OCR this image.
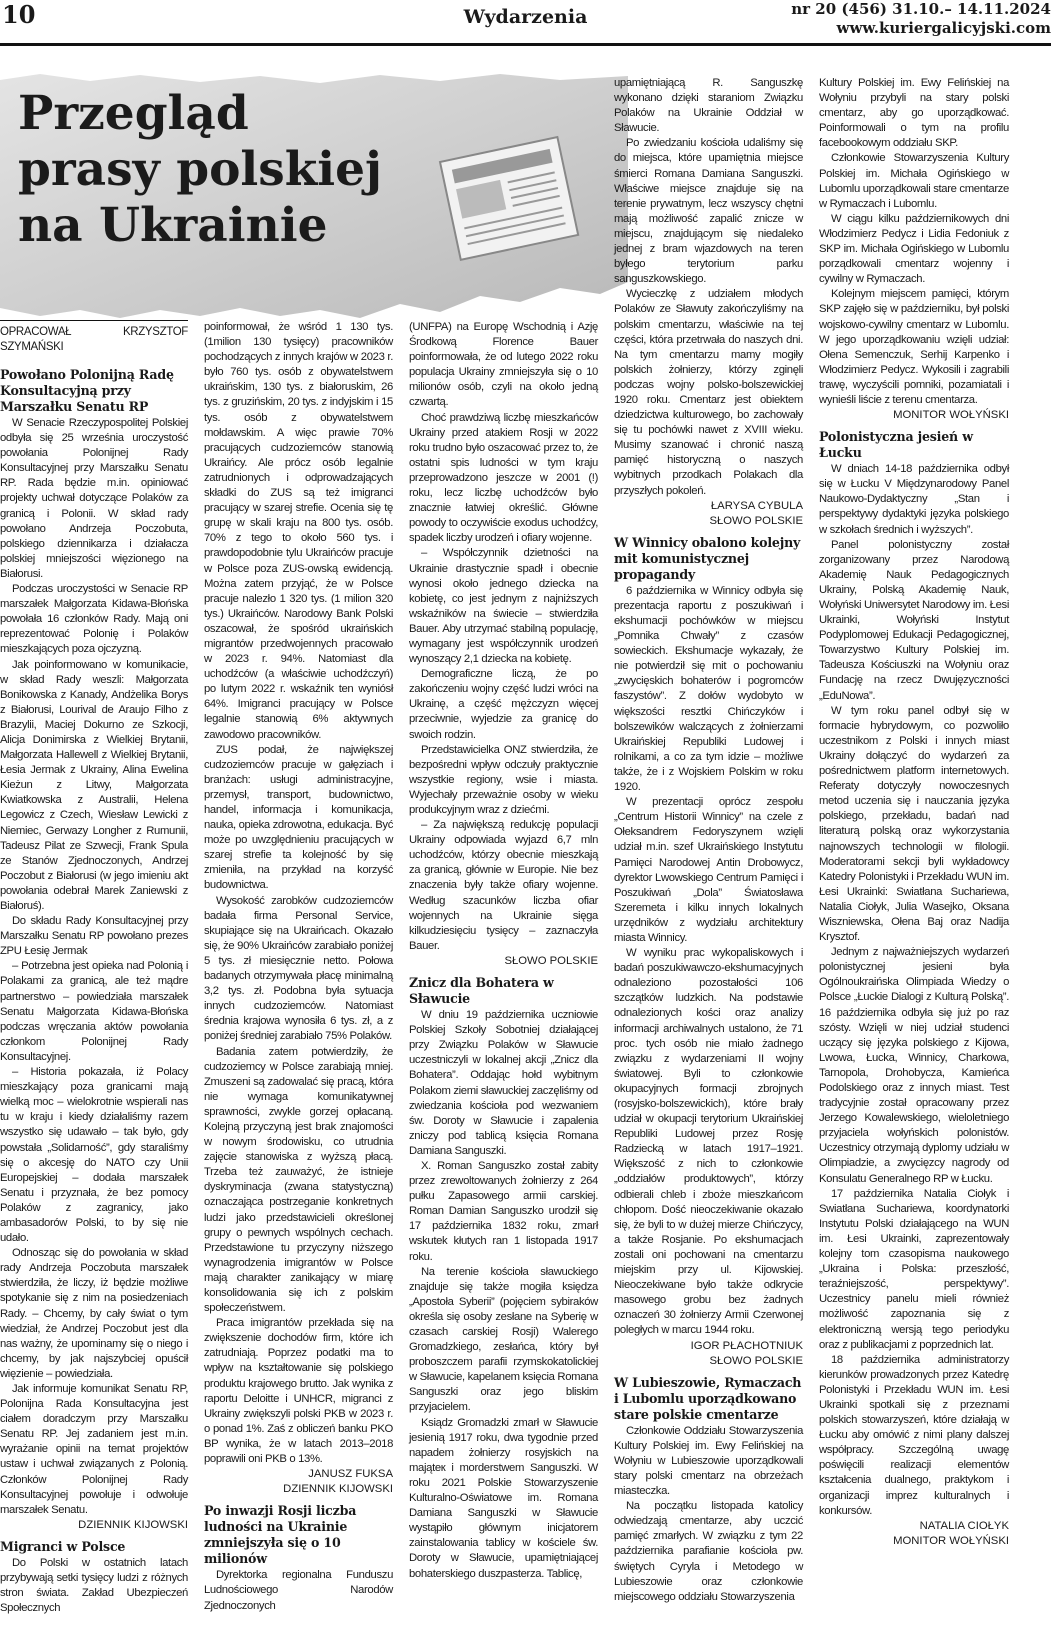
10	Wydarzenia	nr 20 (456) 31.10.– 14.11.2024
www.kuriergalicyjski.com
Przegląd prasy polskiej na Ukrainie
OPRACOWAŁ KRZYSZTOF SZYMAŃSKI
Powołano Polonijną Radę Konsultacyjną przy Marszałku Senatu RP

W Senacie Rzeczypospolitej Polskiej odbyła się 25 września uroczystość powołania Polonijnej Rady Konsultacyjnej przy Marszałku Senatu RP. Rada będzie m.in. opiniować projekty uchwał dotyczące Polaków za granicą i Polonii. W skład rady powołano Andrzeja Poczobuta, polskiego dziennikarza i działacza polskiej mniejszości więzionego na Białorusi.

Podczas uroczystości w Senacie RP marszałek Małgorzata Kidawa-Błońska powołała 16 członków Rady. Mają oni reprezentować Polonię i Polaków mieszkających poza ojczyzną.

Jak poinformowano w komunikacie, w skład Rady weszli: Małgorzata Bonikowska z Kanady, Andżelika Borys z Białorusi, Lourival de Araujo Filho z Brazylii, Maciej Dokurno ze Szkocji, Alicja Donimirska z Wielkiej Brytanii, Małgorzata Hallewell z Wielkiej Brytanii, Łesia Jermak z Ukrainy, Alina Ewelina Kieżun z Litwy, Małgorzata Kwiatkowska z Australii, Helena Legowicz z Czech, Wiesław Lewicki z Niemiec, Gerwazy Longher z Rumunii, Tadeusz Pilat ze Szwecji, Frank Spula ze Stanów Zjednoczonych, Andrzej Poczobut z Białorusi (w jego imieniu akt powołania odebrał Marek Zaniewski z Białoruś).

Do składu Rady Konsultacyjnej przy Marszałku Senatu RP powołano prezes ZPU Łesię Jermak

– Potrzebna jest opieka nad Polonią i Polakami za granicą, ale też mądre partnerstwo – powiedziała marszałek Senatu Małgorzata Kidawa-Błońska podczas wręczania aktów powołania członkom Polonijnej Rady Konsultacyjnej.

– Historia pokazała, iż Polacy mieszkający poza granicami mają wielką moc – wielokrotnie wspierali nas tu w kraju i kiedy działaliśmy razem wszystko się udawało – tak było, gdy powstała „Solidarność”, gdy staraliśmy się o akcesję do NATO czy Unii Europejskiej – dodała marszałek Senatu i przyznała, że bez pomocy Polaków z zagranicy, jako ambasadorów Polski, to by się nie udało.

Odnosząc się do powołania w skład rady Andrzeja Poczobuta marszałek stwierdziła, że liczy, iż będzie możliwe spotykanie się z nim na posiedzeniach Rady. – Chcemy, by cały świat o tym wiedział, że Andrzej Poczobut jest dla nas ważny, że upominamy się o niego i chcemy, by jak najszybciej opuścił więzienie – powiedziała.

Jak informuje komunikat Senatu RP, Polonijna Rada Konsultacyjna jest ciałem doradczym przy Marszałku Senatu RP. Jej zadaniem jest m.in. wyrażanie opinii na temat projektów ustaw i uchwał związanych z Polonią. Członków Polonijnej Rady Konsultacyjnej powołuje i odwołuje marszałek Senatu.

DZIENNIK KIJOWSKI

Migranci w Polsce

Do Polski w ostatnich latach przybywają setki tysięcy ludzi z różnych stron świata. Zakład Ubezpieczeń Społecznych

poinformował, że wśród 1 130 tys. (1milion 130 tysięcy) pracowników pochodzących z innych krajów w 2023 r. było 760 tys. osób z obywatelstwem ukraińskim, 130 tys. z białoruskim, 26 tys. z gruzińskim, 20 tys. z indyjskim i 15 tys. osób z obywatelstwem mołdawskim. A więc prawie 70% pracujących cudzoziemców stanowią Ukraińcy. Ale prócz osób legalnie zatrudnionych i odprowadzających składki do ZUS są też imigranci pracujący w szarej strefie. Ocenia się tę grupę w skali kraju na 800 tys. osób. 70% z tego to około 560 tys. i prawdopodobnie tylu Ukraińców pracuje w Polsce poza ZUS-owską ewidencją. Można zatem przyjąć, że w Polsce pracuje nalezło 1 320 tys. (1 milion 320 tys.) Ukraińców. Narodowy Bank Polski oszacował, że spośród ukraińskich migrantów przedwojennych pracowało w 2023 r. 94%. Natomiast dla uchodźców (a właściwie uchodźczyń) po lutym 2022 r. wskaźnik ten wyniósł 64%. Imigranci pracujący w Polsce legalnie stanowią 6% aktywnych zawodowo pracowników.

ZUS podał, że największej cudzoziemców pracuje w gałęziach i branżach: usługi administracyjne, przemysł, transport, budownictwo, handel, informacja i komunikacja, nauka, opieka zdrowotna, edukacja. Być może po uwzględnieniu pracujących w szarej strefie ta kolejność by się zmieniła, na przykład na korzyść budownictwa.

Wysokość zarobków cudzoziemców badała firma Personal Service, skupiające się na Ukraińcach. Okazało się, że 90% Ukraińców zarabiało poniżej 5 tys. zł miesięcznie netto. Połowa badanych otrzymywała płacę minimalną 3,2 tys. zł. Podobna była sytuacja innych cudzoziemców. Natomiast średnia krajowa wynosiła 6 tys. zł, a z poniżej średniej zarabiało 75% Polaków.

Badania zatem potwierdziły, że cudzoziemcy w Polsce zarabiają mniej. Zmuszeni są zadowalać się pracą, która nie wymaga komunikatywnej sprawności, zwykle gorzej opłacaną. Kolejną przyczyną jest brak znajomości w nowym środowisku, co utrudnia zajęcie stanowiska z wyższą płacą. Trzeba też zauważyć, że istnieje dyskryminacja (zwana statystyczną) oznaczająca postrzeganie konkretnych ludzi jako przedstawicieli określonej grupy o pewnych wspólnych cechach. Przedstawione tu przyczyny niższego wynagrodzenia imigrantów w Polsce mają charakter zanikający w miarę konsolidowania się ich z polskim społeczeństwem.

Praca imigrantów przekłada się na zwiększenie dochodów firm, które ich zatrudniają. Poprzez podatki ma to wpływ na kształtowanie się polskiego produktu krajowego brutto. Jak wynika z raportu Deloitte i UNHCR, migranci z Ukrainy zwiększyli polski PKB w 2023 r. o ponad 1%. Zaś z obliczeń banku PKO BP wynika, że w latach 2013–2018 poprawili oni PKB o 13%.

JANUSZ FUKSA

DZIENNIK KIJOWSKI

Po inwazji Rosji liczba ludności na Ukrainie zmniejszyła się o 10 milionów

Dyrektorka regionalna Funduszu Ludnościowego Narodów Zjednoczonych

(UNFPA) na Europę Wschodnią i Azję Środkową Florence Bauer poinformowała, że od lutego 2022 roku populacja Ukrainy zmniejszyła się o 10 milionów osób, czyli na około jedną czwartą.

Choć prawdziwą liczbę mieszkańców Ukrainy przed atakiem Rosji w 2022 roku trudno było oszacować przez to, że ostatni spis ludności w tym kraju przeprowadzono jeszcze w 2001 (!) roku, lecz liczbę uchodźców było znacznie łatwiej określić. Główne powody to oczywiście exodus uchodźcy, spadek liczby urodzeń i ofiary wojenne.

– Współczynnik dzietności na Ukrainie drastycznie spadł i obecnie wynosi około jednego dziecka na kobietę, co jest jednym z najniższych wskaźników na świecie – stwierdziła Bauer. Aby utrzymać stabilną populację, wymagany jest współczynnik urodzeń wynoszący 2,1 dziecka na kobietę.

Demograficzne liczą, że po zakończeniu wojny część ludzi wróci na Ukrainę, a część mężczyzn więcej przeciwnie, wyjedzie za granicę do swoich rodzin.

Przedstawicielka ONZ stwierdziła, że bezpośredni wpływ odczuły praktycznie wszystkie regiony, wsie i miasta. Wyjechały przeważnie osoby w wieku produkcyjnym wraz z dziećmi.

– Za największą redukcję populacji Ukrainy odpowiada wyjazd 6,7 mln uchodźców, którzy obecnie mieszkają za granicą, głównie w Europie. Nie bez znaczenia były także ofiary wojenne. Według szacunków liczba ofiar wojennych na Ukrainie sięga kilkudziesięciu tysięcy – zaznaczyła Bauer.

SŁOWO POLSKIE

Znicz dla Bohatera w Sławucie

W dniu 19 października uczniowie Polskiej Szkoły Sobotniej działającej przy Związku Polaków w Sławucie uczestniczyli w lokalnej akcji „Znicz dla Bohatera”. Oddając hołd wybitnym Polakom ziemi sławuckiej zaczęliśmy od zwiedzania kościoła pod wezwaniem św. Doroty w Sławucie i zapalenia zniczy pod tablicą księcia Romana Damiana Sanguszki.

X. Roman Sanguszko został zabity przez zrewoltowanych żołnierzy z 264 pułku Zapasowego armii carskiej. Roman Damian Sanguszko urodził się 17 października 1832 roku, zmarł wskutek kłutych ran 1 listopada 1917 roku.

Na terenie kościoła sławuckiego znajduje się także mogiła księdza „Apostoła Syberii” (pojęciem sybiraków określa się osoby zesłane na Syberię w czasach carskiej Rosji) Walerego Gromadzkiego, zesłańca, który był proboszczem parafii rzymskokatolickiej w Sławucie, kapelanem księcia Romana Sanguszki oraz jego bliskim przyjacielem.

Ksiądz Gromadzki zmarł w Sławucie jesienią 1917 roku, dwa tygodnie przed napadem żołnierzy rosyjskich na mająteк i morderstwem Sanguszki. W roku 2021 Polskie Stowarzyszenie Kulturalno-Oświatowe im. Romana Damiana Sanguszki w Sławucie wystąpiło głównym inicjatorem zainstalowania tablicy w kościele św. Doroty w Sławucie, upamiętniającej bohaterskiego duszpasterza. Tablicę,

upamiętniającą R. Sanguszkę wykonano dzięki staraniom Związku Polaków na Ukrainie Oddział w Sławucie.

Po zwiedzaniu kościoła udaliśmy się do miejsca, które upamiętnia miejsce śmierci Romana Damiana Sanguszki. Właściwe miejsce znajduje się na terenie prywatnym, lecz wszyscy chętni mają możliwość zapalić znicze w miejscu, znajdującym się niedaleko jednej z bram wjazdowych na teren byłego terytorium parku sanguszkowskiego.

Wycieczkę z udziałem młodych Polaków ze Sławuty zakończyliśmy na polskim cmentarzu, właściwie na tej części, która przetrwała do naszych dni. Na tym cmentarzu mamy mogiły polskich żołnierzy, którzy zginęli podczas wojny polsko-bolszewickiej 1920 roku. Cmentarz jest obiektem dziedzictwa kulturowego, bo zachowały się tu pochówki nawet z XVIII wieku. Musimy szanować i chronić naszą pamięć historyczną o naszych wybitnych przodkach Polakach dla przyszłych pokoleń.

ŁARYSA CYBULA

SŁOWO POLSKIE

W Winnicy obalono kolejny mit komunistycznej propagandy

6 października w Winnicy odbyła się prezentacja raportu z poszukiwań i ekshumacji pochówków w miejscu „Pomnika Chwały” z czasów sowieckich. Ekshumacje wykazały, że nie potwierdził się mit o pochowaniu „zwycięskich bohaterów i pogromców faszystów”. Z dołów wydobyto w większości resztki Chińczyków i bolszewików walczących z żołnierzami Ukraińskiej Republiki Ludowej i rolnikami, a co za tym idzie – możliwe także, że i z Wojskiem Polskim w roku 1920.

W prezentacji oprócz zespołu „Centrum Historii Winnicy” na czele z Ołeksandrem Fedoryszynem wzięli udział m.in. szef Ukraińskiego Instytutu Pamięci Narodowej Antin Drobowycz, dyrektor Lwowskiego Centrum Pamięci i Poszukiwań „Dola” Światosława Szeremeta i kilku innych lokalnych urzędników z wydziału architektury miasta Winnicy.

W wyniku prac wykopaliskowych i badań poszukiwawczo-ekshumacyjnych odnaleziono pozostałości 106 szczątków ludzkich. Na podstawie odnalezionych kości oraz analizy informacji archiwalnych ustalono, że 71 proc. tych osób nie miało żadnego związku z wydarzeniami II wojny światowej. Byli to członkowie okupacyjnych formacji zbrojnych (rosyjsko-bolszewickich), które brały udział w okupacji terytorium Ukraińskiej Republiki Ludowej przez Rosję Radziecką w latach 1917–1921. Większość z nich to członkowie „oddziałów produktowych”, którzy odbierali chleb i zboże mieszkańcom chłopom. Dość nieoczekiwanie okazało się, że byli to w dużej mierze Chińczycy, a także Rosjanie. Po ekshumacjach zostali oni pochowani na cmentarzu miejskim przy ul. Kijowskiej. Nieoczekiwane było także odkrycie masowego grobu bez żadnych oznaczeń 30 żołnierzy Armii Czerwonej poległych w marcu 1944 roku.

IGOR PŁACHOTNIUK

SŁOWO POLSKIE

W Lubieszowie, Rymaczach i Lubomlu uporządkowano stare polskie cmentarze

Członkowie Oddziału Stowarzyszenia Kultury Polskiej im. Ewy Felińskiej na Wołyniu w Lubieszowie uporządkowali stary polski cmentarz na obrzeżach miasteczka.

Na początku listopada katolicy odwiedzają cmentarze, aby uczcić pamięć zmarłych. W związku z tym 22 października parafianie kościoła pw. świętych Cyryla i Metodego w Lubieszowie oraz członkowie miejscowego oddziału Stowarzyszenia

Kultury Polskiej im. Ewy Felińskiej na Wołyniu przybyli na stary polski cmentarz, aby go uporządkować. Poinformowali o tym na profilu facebookowym oddziału SKP.

Członkowie Stowarzyszenia Kultury Polskiej im. Michała Ogińskiego w Lubomlu uporządkowali stare cmentarze w Rymaczach i Lubomlu.

W ciągu kilku październikowych dni Włodzimierz Pedycz i Lidia Fedoniuk z SKP im. Michała Ogińskiego w Lubomlu porządkowali cmentarz wojenny i cywilny w Rymaczach.

Kolejnym miejscem pamięci, którym SKP zajęło się w październiku, był polski wojskowo-cywilny cmentarz w Lubomlu. W jego uporządkowaniu wzięli udział: Ołena Semenczuk, Serhij Karpenko i Włodzimierz Pedycz. Wykosili i zagrabili trawę, wyczyścili pomniki, pozamiatali i wynieśli liście z terenu cmentarza.

MONITOR WOŁYŃSKI

Polonistyczna jesień w Łucku

W dniach 14-18 października odbył się w Łucku V Międzynarodowy Panel Naukowo-Dydaktyczny „Stan i perspektywy dydaktyki języka polskiego w szkołach średnich i wyższych”.

Panel polonistyczny został zorganizowany przez Narodową Akademię Nauk Pedagogicznych Ukrainy, Polską Akademię Nauk, Wołyński Uniwersytet Narodowy im. Łesi Ukrainki, Wołyński Instytut Podyplomowej Edukacji Pedagogicznej, Towarzystwo Kultury Polskiej im. Tadeusza Kościuszki na Wołyniu oraz Fundację na rzecz Dwujęzyczności „EduNowa”.

W tym roku panel odbył się w formacie hybrydowym, co pozwoliło uczestnikom z Polski i innych miast Ukrainy dołączyć do wydarzeń za pośrednictwem platform internetowych. Referaty dotyczyły nowoczesnych metod uczenia się i nauczania języka polskiego, przekładu, badań nad literaturą polską oraz wykorzystania najnowszych technologii w filologii. Moderatorami sekcji byli wykładowcy Katedry Polonistyki i Przekładu WUN im. Łesi Ukrainki: Swiatłana Suchariewa, Natalia Ciołyk, Julia Wasejko, Oksana Wiszniewska, Ołena Baj oraz Nadija Krysztof.

Jednym z najważniejszych wydarzeń polonistycznej jesieni była Ogólnoukraińska Olimpiada Wiedzy o Polsce „Łuckie Dialogi z Kulturą Polską”. 16 października odbyła się już po raz szósty. Wzięli w niej udział studenci uczący się języka polskiego z Kijowa, Lwowa, Łucka, Winnicy, Charkowa, Tarnopola, Drohobycza, Kamieńca Podolskiego oraz z innych miast. Test tradycyjnie został opracowany przez Jerzego Kowalewskiego, wieloletniego przyjaciela wołyńskich polonistów. Uczestnicy otrzymają dyplomy udziału w Olimpiadzie, a zwycięzcy nagrody od Konsulatu Generalnego RP w Łucku.

17 października Natalia Ciołyk i Swiatłana Suchariewa, koordynatorki Instytutu Polski działającego na WUN im. Łesi Ukrainki, zaprezentowały kolejny tom czasopisma naukowego „Ukraina i Polska: przeszłość, teraźniejszość, perspektywy”. Uczestnicy panelu mieli również możliwość zapoznania się z elektroniczną wersją tego periodyku oraz z publikacjami z poprzednich lat.

18 października administratorzy kierunków prowadzonych przez Katedrę Polonistyki i Przekładu WUN im. Łesi Ukrainki spotkali się z przeznami polskich stowarzyszeń, które działają w Łucku aby omówić z nimi plany dalszej współpracy. Szczególną uwagę poświęcili realizacji elementów kształcenia dualnego, praktykom i organizacji imprez kulturalnych i konkursów.

NATALIA CIOŁYK

MONITOR WOŁYŃSKI
